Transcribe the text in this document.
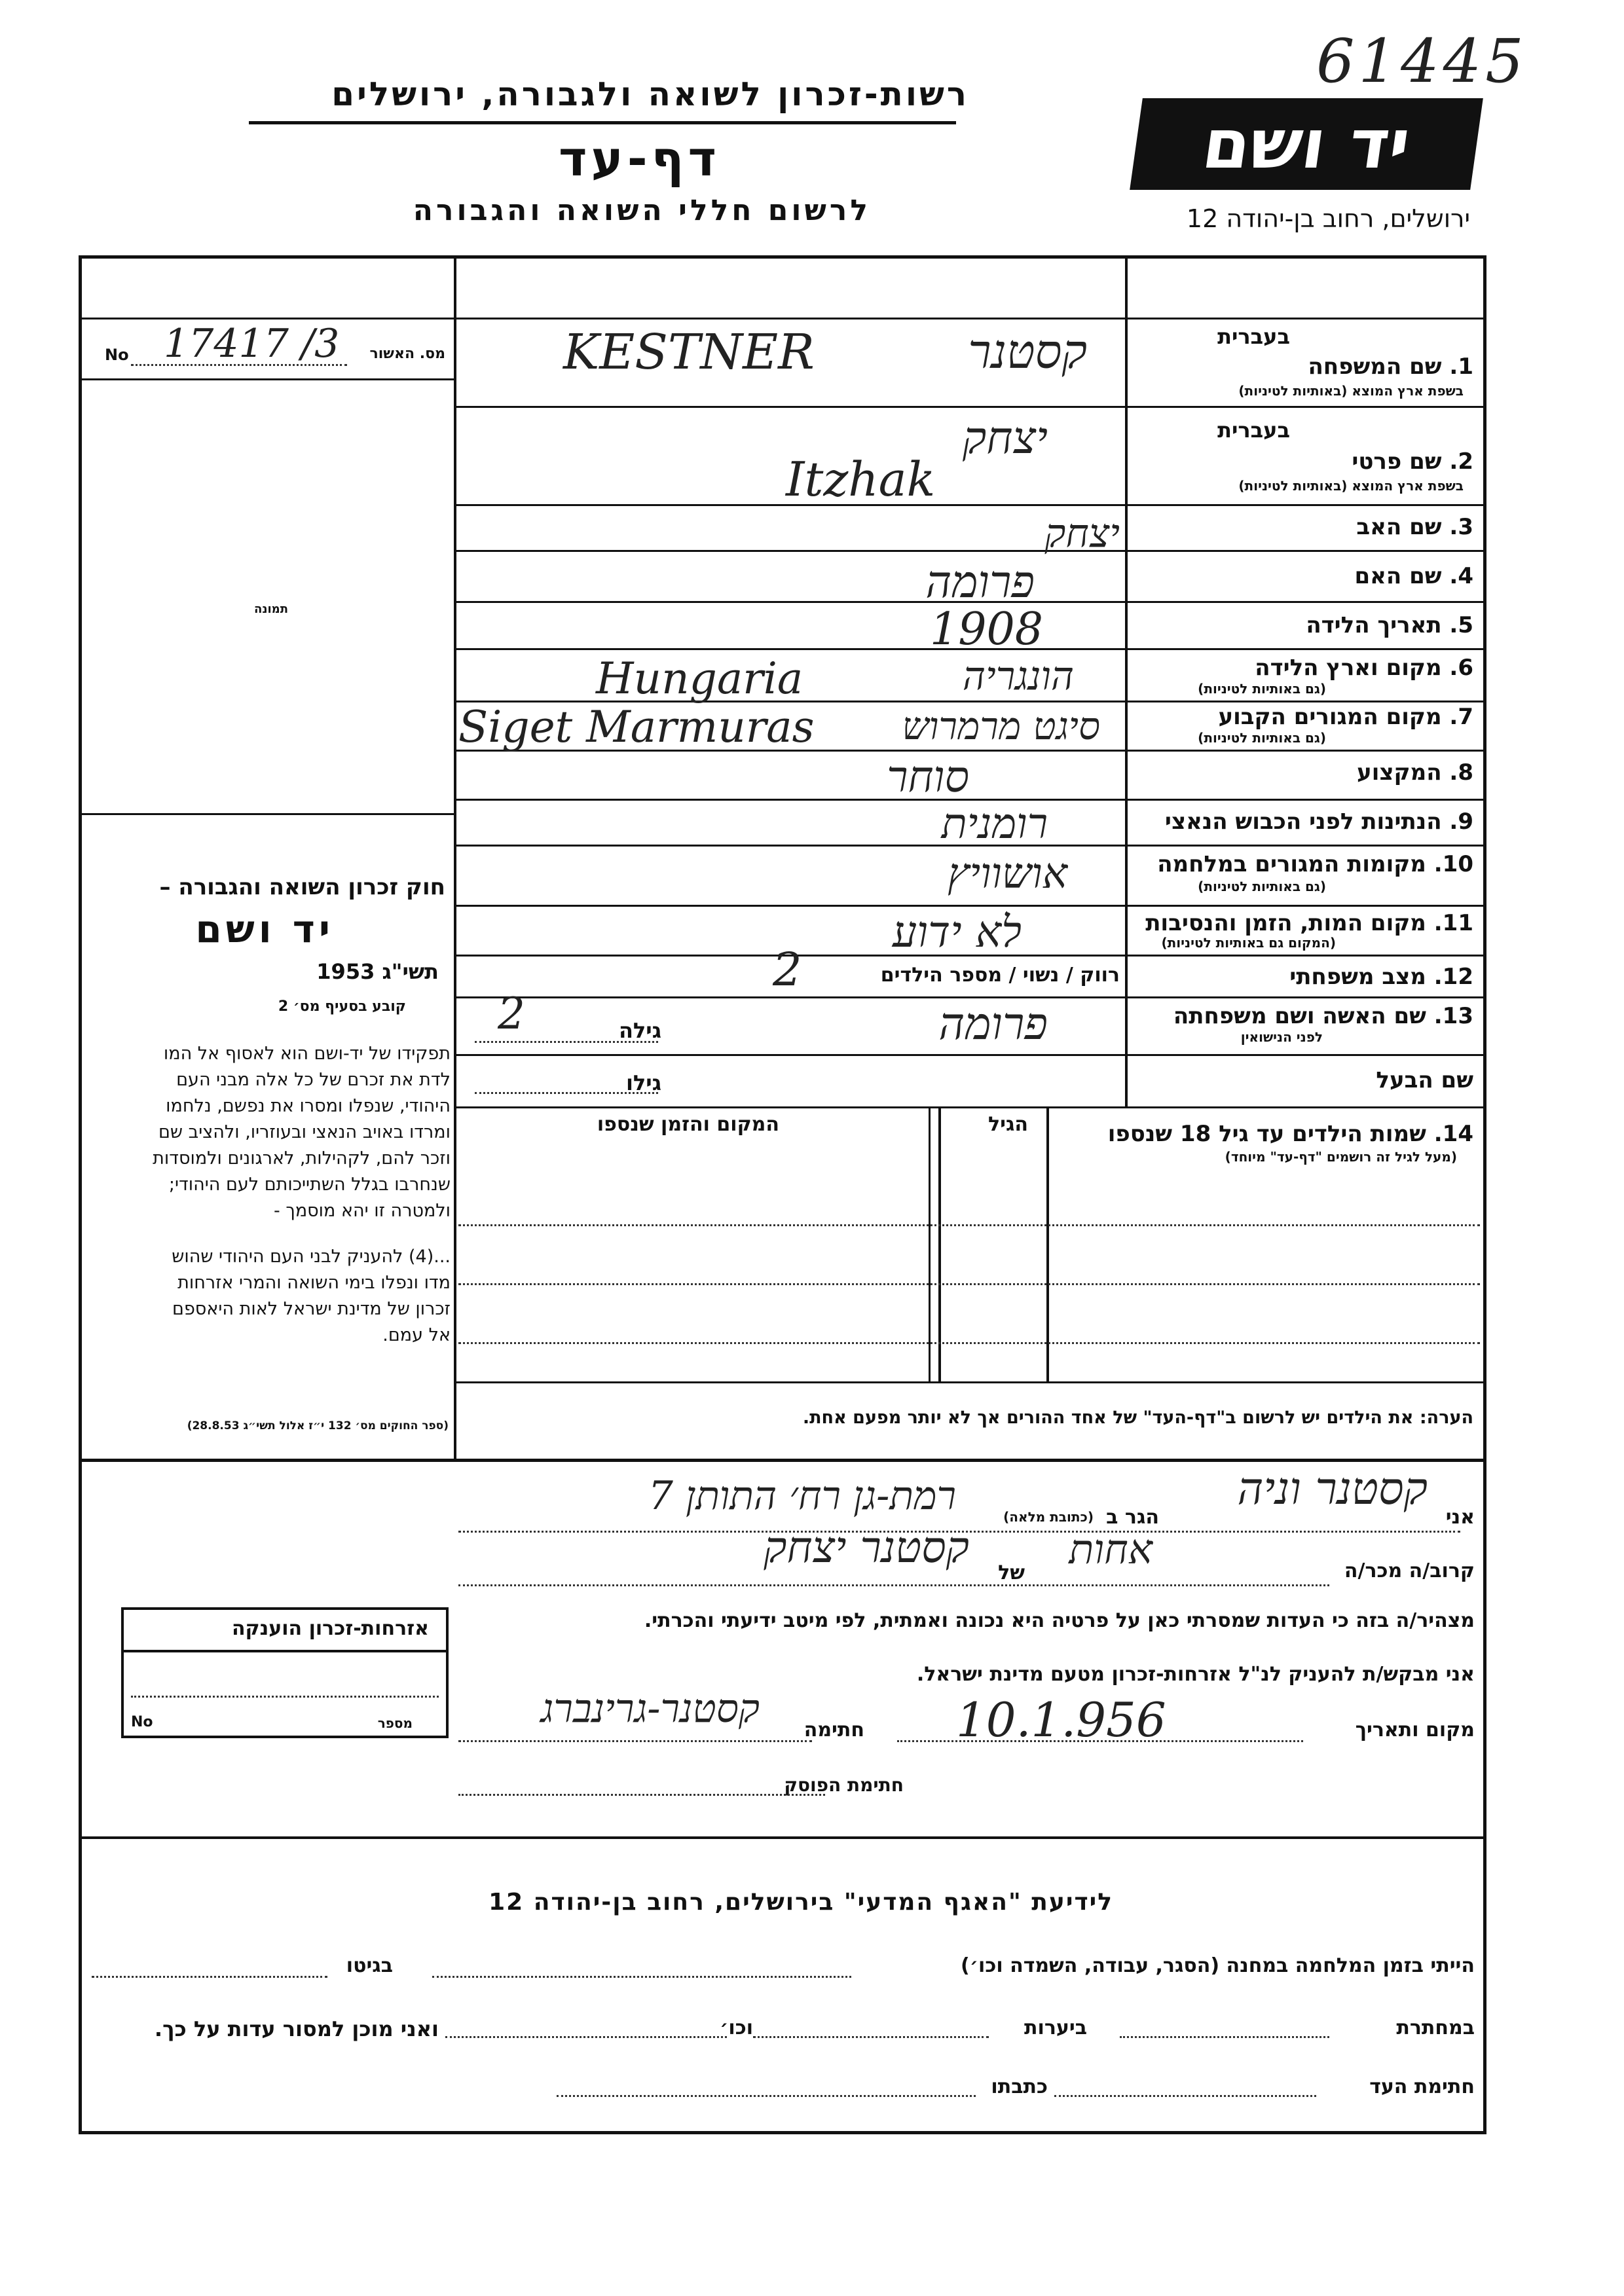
61445
רשות-זכרון לשואה ולגבורה, ירושלים
דף-עד
לרשום חללי השואה והגבורה
יד ושם
ירושלים, רחוב בן-יהודה 12
מס. האשור
No 17417 /3
תמונה
חוק זכרון השואה והגבורה –
יד ושם
תשי"ג 1953
קובע בסעיף מס׳ 2
תפקידו של יד-ושם הוא לאסוף אל המו
לדת את זכרם של כל אלה מבני העם
היהודי, שנפלו ומסרו את נפשם, נלחמו
ומרדו באויב הנאצי ובעוזריו, ולהציב שם
וזכר להם, לקהילות, לארגונים ולמוסדות
שנחרבו בגלל השתייכותם לעם היהודי;
ולמטרה זו יהא מוסמך -
...(4) להעניק לבני העם היהודי שהוש
מדו ונפלו בימי השואה והמרי אזרחות
זכרון של מדינת ישראל לאות היאספם
אל עמם.
(ספר החוקים מס׳ 132 י״ז אלול תשי״ג 28.8.53)
בעברית
1. שם המשפחה
בשפת ארץ המוצא (באותיות לטיניות)
KESTNER	קסטנר
בעברית
2. שם פרטי
בשפת ארץ המוצא (באותיות לטיניות)
יצחק
Itzhak
3. שם האב
יצחק
4. שם האם
פרומה
5. תאריך הלידה
1908
6. מקום וארץ הלידה
(גם באותיות לטיניות)
Hungaria	הונגריה
7. מקום המגורים הקבוע
(גם באותיות לטיניות)
Siget Marmuras סיגט מרמרוש
8. המקצוע
סוחר
9. הנתינות לפני הכבוש הנאצי
רומנית
10. מקומות המגורים במלחמה
(גם באותיות לטיניות)
אושוויץ
11. מקום המות, הזמן והנסיבות
(המקום גם באותיות לטיניות)
לא ידוע
12. מצב משפחתי
רווק / נשוי / מספר הילדים
2
13. שם האשה ושם משפחתה
לפני הנישואין
פרומה
גילה
2
שם הבעל
גילו
14. שמות הילדים עד גיל 18 שנספו
(מעל לגיל זה רושמים "דף-עד" מיוחד)
הגיל
המקום והזמן שנספו
הערה: את הילדים יש לרשום ב"דף-העד" של אחד ההורים אך לא יותר מפעם אחת.
אני
קסטנר וניה
הגר ב
(כתובת מלאה)
רמת-גן רח׳ התותן 7
קרוב/ה מכר/ה
אחות
של
קסטנר יצחק
מצהיר/ה בזה כי העדות שמסרתי כאן על פרטיה היא נכונה ואמתית, לפי מיטב ידיעתי והכרתי.
אזרחות-זכרון הוענקה
מספר
No
אני מבקש/ת להעניק לנ"ל אזרחות-זכרון מטעם מדינת ישראל.
מקום ותאריך
10.1.956
חתימה
קסטנר-גרינברג
חתימת הפוסק
לידיעת "האגף המדעי" בירושלים, רחוב בן-יהודה 12
הייתי בזמן המלחמה במחנה (הסגר, עבודה, השמדה וכו׳)
בגיטו
במחתרת
ביערות
וכו׳
ואני מוכן למסור עדות על כך.
חתימת העד
כתבתו
